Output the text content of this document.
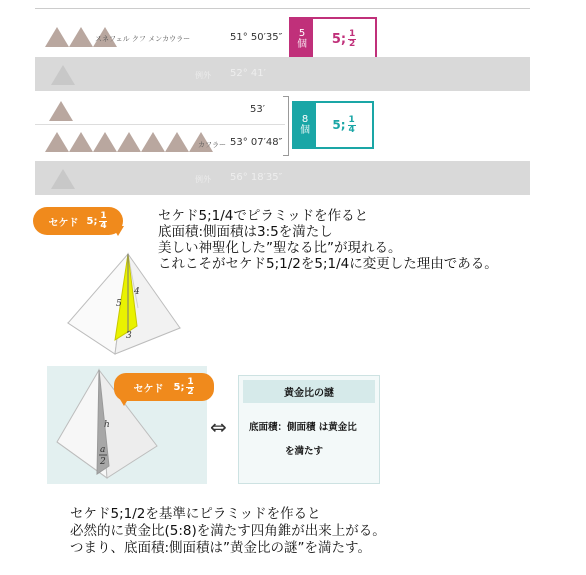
スネフェル クフ メンカウラー	51° 50′35″ 5個 5; $\frac{1}{2}$
例外 52° 41′
53′
カフラー 53° 07′48″
8個 5; $\frac{1}{4}$
例外 56° 18′35″
セケド 5; $\frac{1}{4}$
4
5
3
セケド5;1/4でピラミッドを作ると
底面積:側面積は3:5を満たし
美しい神聖化した”聖なる比”が現れる。
これこそがセケド5;1/2を5;1/4に変更した理由である。
h
a
2
セケド 5; $\frac{1}{2}$
⇔
黄金比の謎
底面積：側面積 は黄金比
を満たす
セケド5;1/2を基準にピラミッドを作ると
必然的に黄金比(5:8)を満たす四角錐が出来上がる。
つまり、底面積:側面積は”黄金比の謎”を満たす。
